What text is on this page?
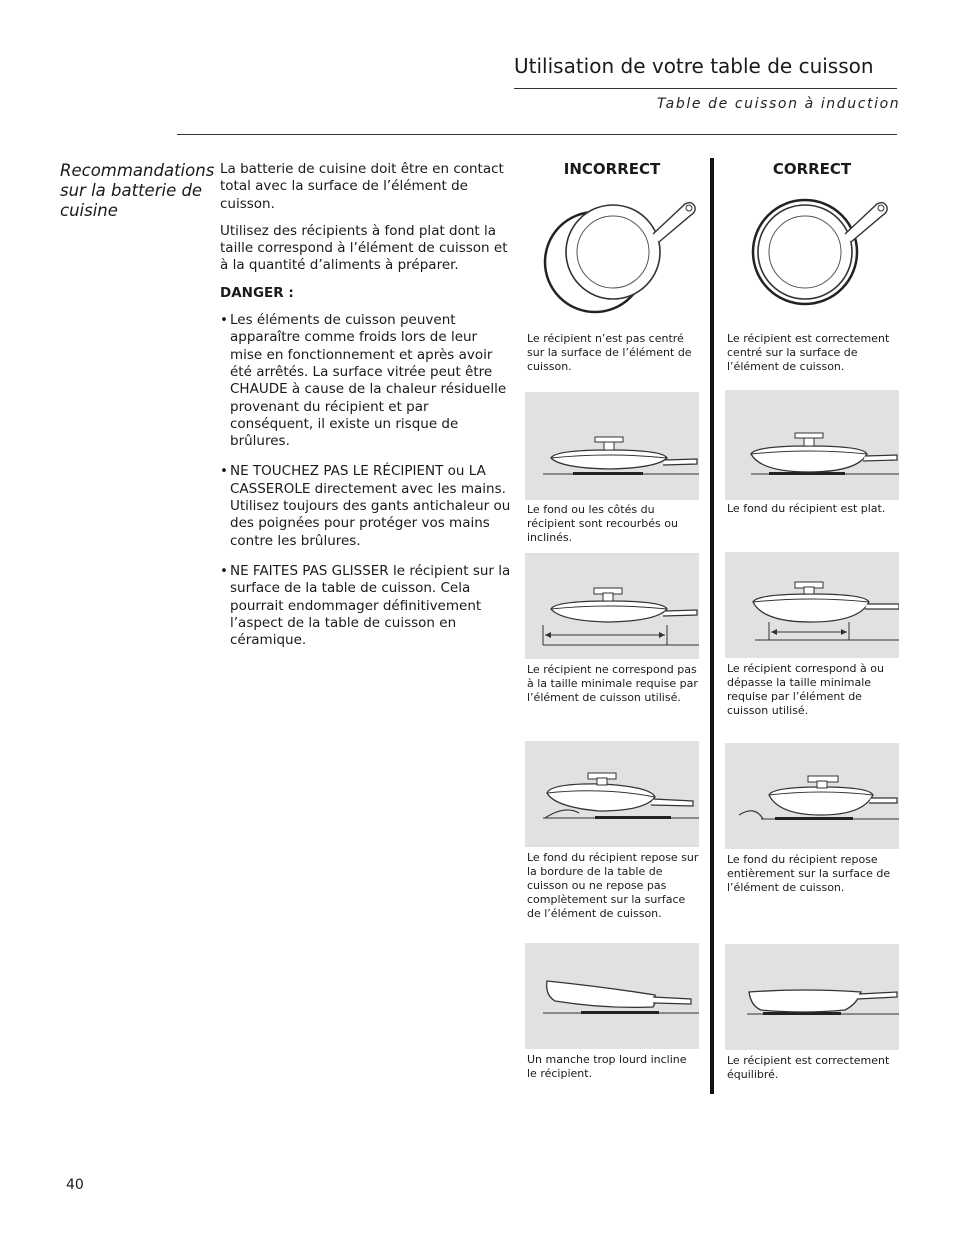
Utilisation de votre table de cuisson
Table de cuisson à induction
Recommandations sur la batterie de cuisine

La batterie de cuisine doit être en contact total avec la surface de l’élément de cuisson.

Utilisez des récipients à fond plat dont la taille correspond à l’élément de cuisson et à la quantité d’aliments à préparer.

DANGER :

• Les éléments de cuisson peuvent apparaître comme froids lors de leur mise en fonctionnement et après avoir été arrêtés. La surface vitrée peut être CHAUDE à cause de la chaleur résiduelle provenant du récipient et par conséquent, il existe un risque de brûlures.
• NE TOUCHEZ PAS LE RÉCIPIENT ou LA CASSEROLE directement avec les mains. Utilisez toujours des gants antichaleur ou des poignées pour protéger vos mains contre les brûlures.
• NE FAITES PAS GLISSER le récipient sur la surface de la table de cuisson. Cela pourrait endommager définitivement l’aspect de la table de cuisson en céramique.
INCORRECT	CORRECT
Le récipient n’est pas centré sur la surface de l’élément de cuisson.
Le fond ou les côtés du récipient sont recourbés ou inclinés.
Le récipient ne correspond pas à la taille minimale requise par l’élément de cuisson utilisé.
Le fond du récipient repose sur la bordure de la table de cuisson ou ne repose pas complètement sur la surface de l’élément de cuisson.
Un manche trop lourd incline le récipient.
Le récipient est correctement centré sur la surface de l’élément de cuisson.
Le fond du récipient est plat.
Le récipient correspond à ou dépasse la taille minimale requise par l’élément de cuisson utilisé.
Le fond du récipient repose entièrement sur la surface de l’élément de cuisson.
Le récipient est correctement équilibré.
40
